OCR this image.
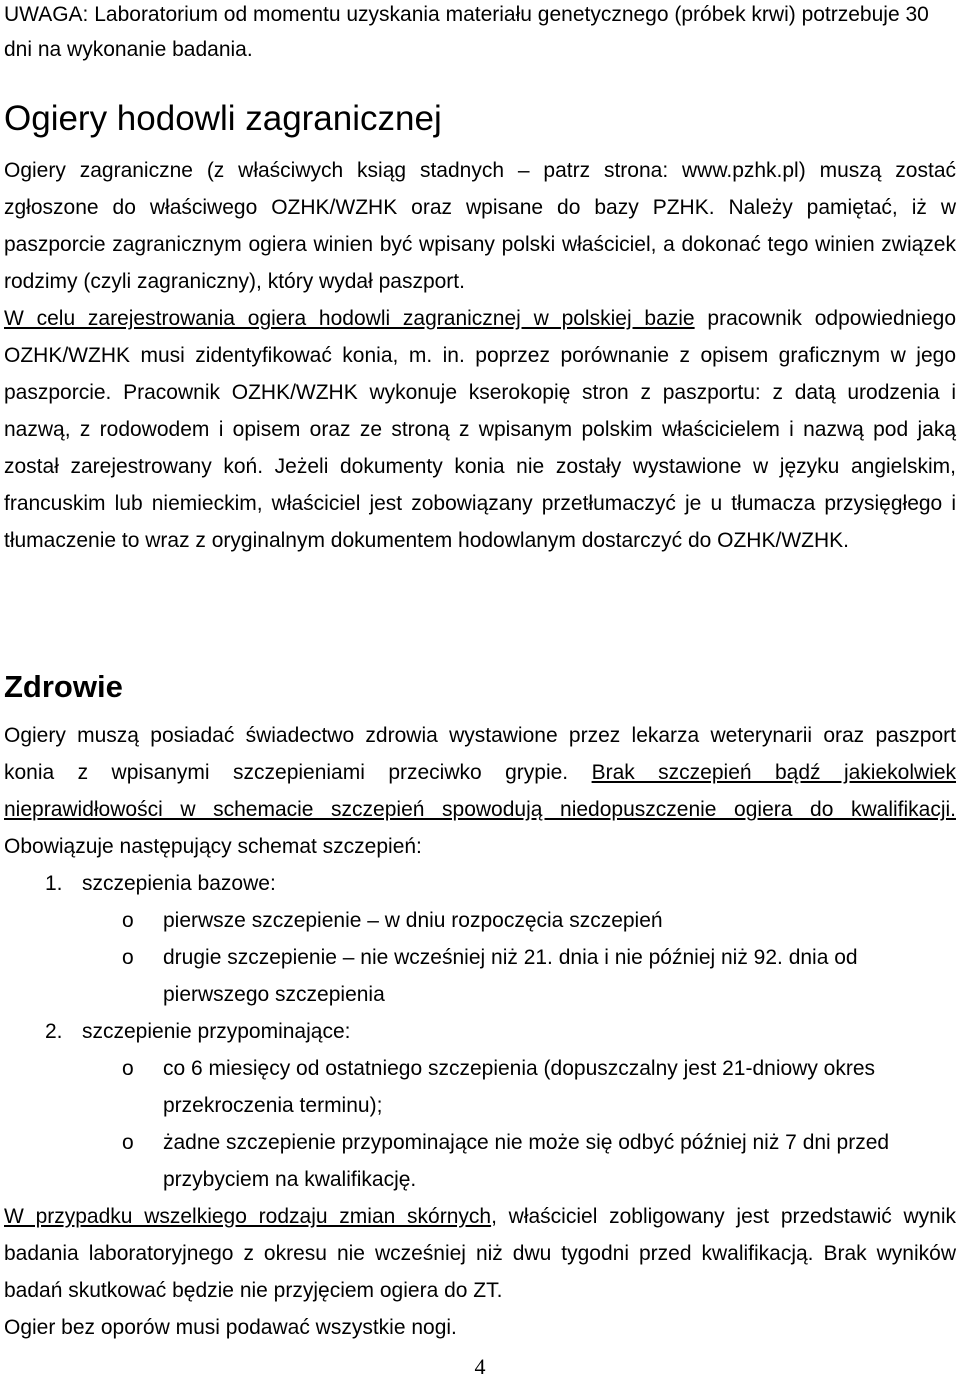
UWAGA: Laboratorium od momentu uzyskania materiału genetycznego (próbek krwi) potrzebuje 30 dni na wykonanie badania.

Ogiery hodowli zagranicznej

Ogiery zagraniczne (z właściwych ksiąg stadnych – patrz strona: www.pzhk.pl) muszą zostać zgłoszone do właściwego OZHK/WZHK oraz wpisane do bazy PZHK. Należy pamiętać, iż w paszporcie zagranicznym ogiera winien być wpisany polski właściciel, a dokonać tego winien związek rodzimy (czyli zagraniczny), który wydał paszport.

W celu zarejestrowania ogiera hodowli zagranicznej w polskiej bazie pracownik odpowiedniego OZHK/WZHK musi zidentyfikować konia, m. in. poprzez porównanie z opisem graficznym w jego paszporcie. Pracownik OZHK/WZHK wykonuje kserokopię stron z paszportu: z datą urodzenia i nazwą, z rodowodem i opisem oraz ze stroną z wpisanym polskim właścicielem i nazwą pod jaką został zarejestrowany koń. Jeżeli dokumenty konia nie zostały wystawione w języku angielskim, francuskim lub niemieckim, właściciel jest zobowiązany przetłumaczyć je u tłumacza przysięgłego i tłumaczenie to wraz z oryginalnym dokumentem hodowlanym dostarczyć do OZHK/WZHK.

Zdrowie

Ogiery muszą posiadać świadectwo zdrowia wystawione przez lekarza weterynarii oraz paszport konia z wpisanymi szczepieniami przeciwko grypie. Brak szczepień bądź jakiekolwiek nieprawidłowości w schemacie szczepień spowodują niedopuszczenie ogiera do kwalifikacji. Obowiązuje następujący schemat szczepień:

1. szczepienia bazowe:
o pierwsze szczepienie – w dniu rozpoczęcia szczepień
o drugie szczepienie – nie wcześniej niż 21. dnia i nie później niż 92. dnia od pierwszego szczepienia
2. szczepienie przypominające:
o co 6 miesięcy od ostatniego szczepienia (dopuszczalny jest 21-dniowy okres przekroczenia terminu);
o żadne szczepienie przypominające nie może się odbyć później niż 7 dni przed przybyciem na kwalifikację.

W przypadku wszelkiego rodzaju zmian skórnych, właściciel zobligowany jest przedstawić wynik badania laboratoryjnego z okresu nie wcześniej niż dwu tygodni przed kwalifikacją. Brak wyników badań skutkować będzie nie przyjęciem ogiera do ZT.

Ogier bez oporów musi podawać wszystkie nogi.

4
